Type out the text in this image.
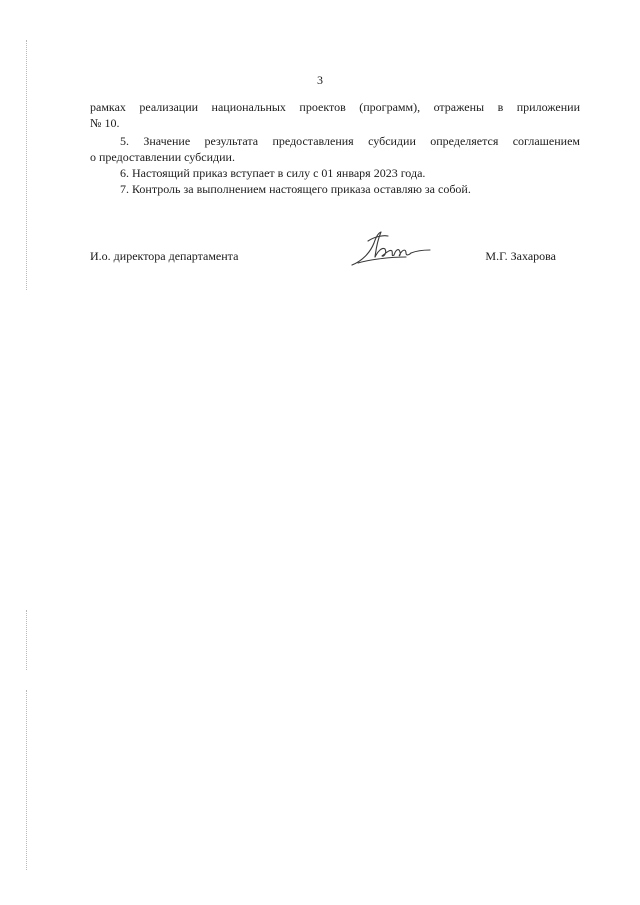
3
рамках реализации национальных проектов (программ), отражены в приложении
№ 10.
5. Значение результата предоставления субсидии определяется соглашением
о предоставлении субсидии.
6. Настоящий приказ вступает в силу с 01 января 2023 года.
7. Контроль за выполнением настоящего приказа оставляю за собой.
И.о. директора департамента	М.Г. Захарова
